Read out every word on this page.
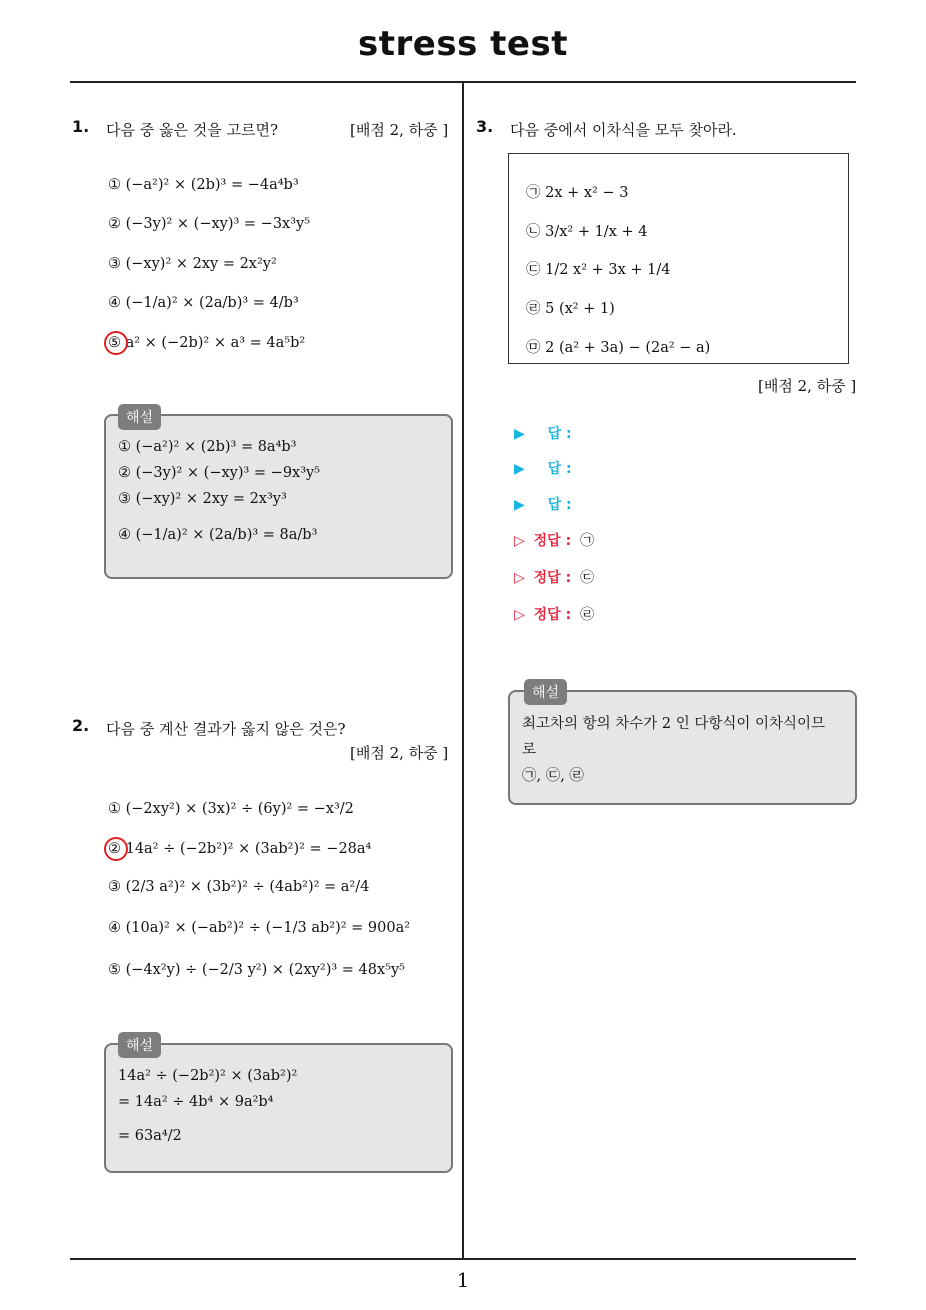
stress test
1. 다음 중 옳은 것을 고르면?	[배점 2, 하중 ]
① (−a²)² × (2b)³ = −4a⁴b³
② (−3y)² × (−xy)³ = −3x³y⁵
③ (−xy)² × 2xy = 2x²y²
④ (−1/a)² × (2a/b)³ = 4/b³
⑤ a² × (−2b)² × a³ = 4a⁵b²
해설
① (−a²)² × (2b)³ = 8a⁴b³
② (−3y)² × (−xy)³ = −9x³y⁵
③ (−xy)² × 2xy = 2x³y³
④ (−1/a)² × (2a/b)³ = 8a/b³
2. 다음 중 계산 결과가 옳지 않은 것은?
[배점 2, 하중 ]
① (−2xy²) × (3x)² ÷ (6y)² = −x³/2
② 14a² ÷ (−2b²)² × (3ab²)² = −28a⁴
③ (2/3 a²)² × (3b²)² ÷ (4ab²)² = a²/4
④ (10a)² × (−ab²)² ÷ (−1/3 ab²)² = 900a²
⑤ (−4x²y) ÷ (−2/3 y²) × (2xy²)³ = 48x⁵y⁵
해설
14a² ÷ (−2b²)² × (3ab²)²
= 14a² ÷ 4b⁴ × 9a²b⁴
= 63a⁴/2
3. 다음 중에서 이차식을 모두 찾아라.
㉠ 2x + x² − 3
㉡ 3/x² + 1/x + 4
㉢ 1/2 x² + 3x + 1/4
㉣ 5 (x² + 1)
㉤ 2 (a² + 3a) − (2a² − a)
[배점 2, 하중 ]
▶ 답 :
▶ 답 :
▶ 답 :
▷ 정답 : ㉠
▷ 정답 : ㉢
▷ 정답 : ㉣
해설
최고차의 항의 차수가 2 인 다항식이 이차식이므
로
㉠, ㉢, ㉣
1
